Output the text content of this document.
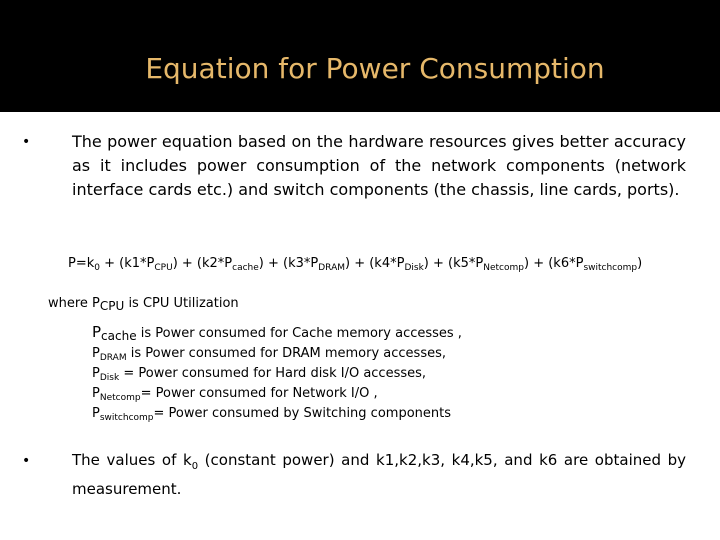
Equation for Power Consumption
•	The power equation based on the hardware resources gives better accuracy as it includes power consumption of the network components (network interface cards etc.) and switch components (the chassis, line cards, ports).
$P=k_0 + (k1*P_{CPU}) + (k2*P_{cache}) + (k3*P_{DRAM}) + (k4*P_{Disk}) + (k5*P_{Netcomp}) + (k6*P_{switchcomp})$
where $P_{CPU}$ is CPU Utilization
$P_{cache}$ is Power consumed for Cache memory accesses ,
$P_{DRAM}$ is Power consumed for DRAM memory accesses,
$P_{Disk}$ = Power consumed for Hard disk I/O accesses,
$P_{Netcomp}=$ Power consumed for Network I/O ,
$P_{switchcomp}=$ Power consumed by Switching components
•	The values of $k_0$ (constant power) and k1,k2,k3, k4,k5, and k6 are obtained by measurement.
